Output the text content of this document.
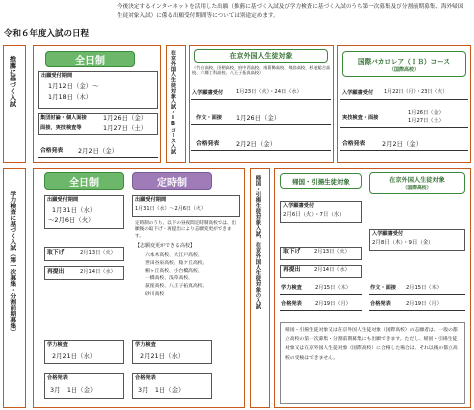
令和６年度入試の日程
今後決定するインターネットを活用した出願（推薦に基づく入試及び学力検査に基づく入試のうち第一次募集及び分割前期募集、海外帰国生徒対象入試）に係る出願受付期間等については別途定めます。
推薦に基づく入試	全日制
出願受付期間
1月12日（金）～
1月18日（木）
集団討論・個人面接	1月26日（金）
面接、実技検査等	1月27日（土）
合格発表 2月2日（金）	在京外国人生徒対象入試・IBコース入試	在京外国人生徒対象
（竹台高校、田柄高校、府中西高校、南葛飾高校、飛鳥高校、杉並総合高校、六郷工科高校、八王子拓真高校）
入学願書受付 1月23日（火）・24日（水）
作文・面接 1月26日（金）
合格発表	2月2日（金）
国際バカロレア（ＩＢ）コース
（国際高校）
入学願書受付 1月22日（月）・23日（火）
実技検査・面接
1月26日（金）
1月27日（土）
合格発表	2月2日（金）
学力検査に基づく入試（第一次募集・分割前期募集）
全日制	定時制
出願受付期間
1月31日（水）
～2月6日（火）
出願受付期間
1月31日（水）～2月6日（火）
定時制のうち、以下の昼夜間定時制高校では、出願後の取下げ・再提出により志願変更ができます。
【志願変更ができる高校】
六本木高校、大江戸高校、
世田谷泉高校、稔ケ丘高校、
桐ヶ丘高校、小台橋高校、
一橋高校、浅草高校、
荻窪高校、八王子拓真高校、
砂川高校
取下げ	2月13日（火）
再提出	2月14日（水）
学力検査
2月21日（水）
学力検査
2月21日（水）
合格発表
3月　1日（金）
合格発表
3月　1日（金）
帰国・引揚生徒対象入試、在京外国人生徒対象の入試	帰国・引揚生徒対象	在京外国人生徒対象
（国際高校）
入学願書受付
2月6日（火）・7日（水）
入学願書受付
2月8日（木）・9日（金）
取下げ	2月13日（火）
再提出	2月14日（水）
学力検査	2月15日（木）
合格発表	2月19日（月）
作文・面接 2月15日（木）
合格発表	2月19日（月）
帰国・引揚生徒対象又は在京外国人生徒対象（国際高校）の志願者は、一般の都立高校の第一次募集・分割前期募集にも出願できます。ただし、帰国・引揚生徒対象又は在京外国人生徒対象（国際高校）に合格した場合は、それ以後の都立高校の受検はできません。
